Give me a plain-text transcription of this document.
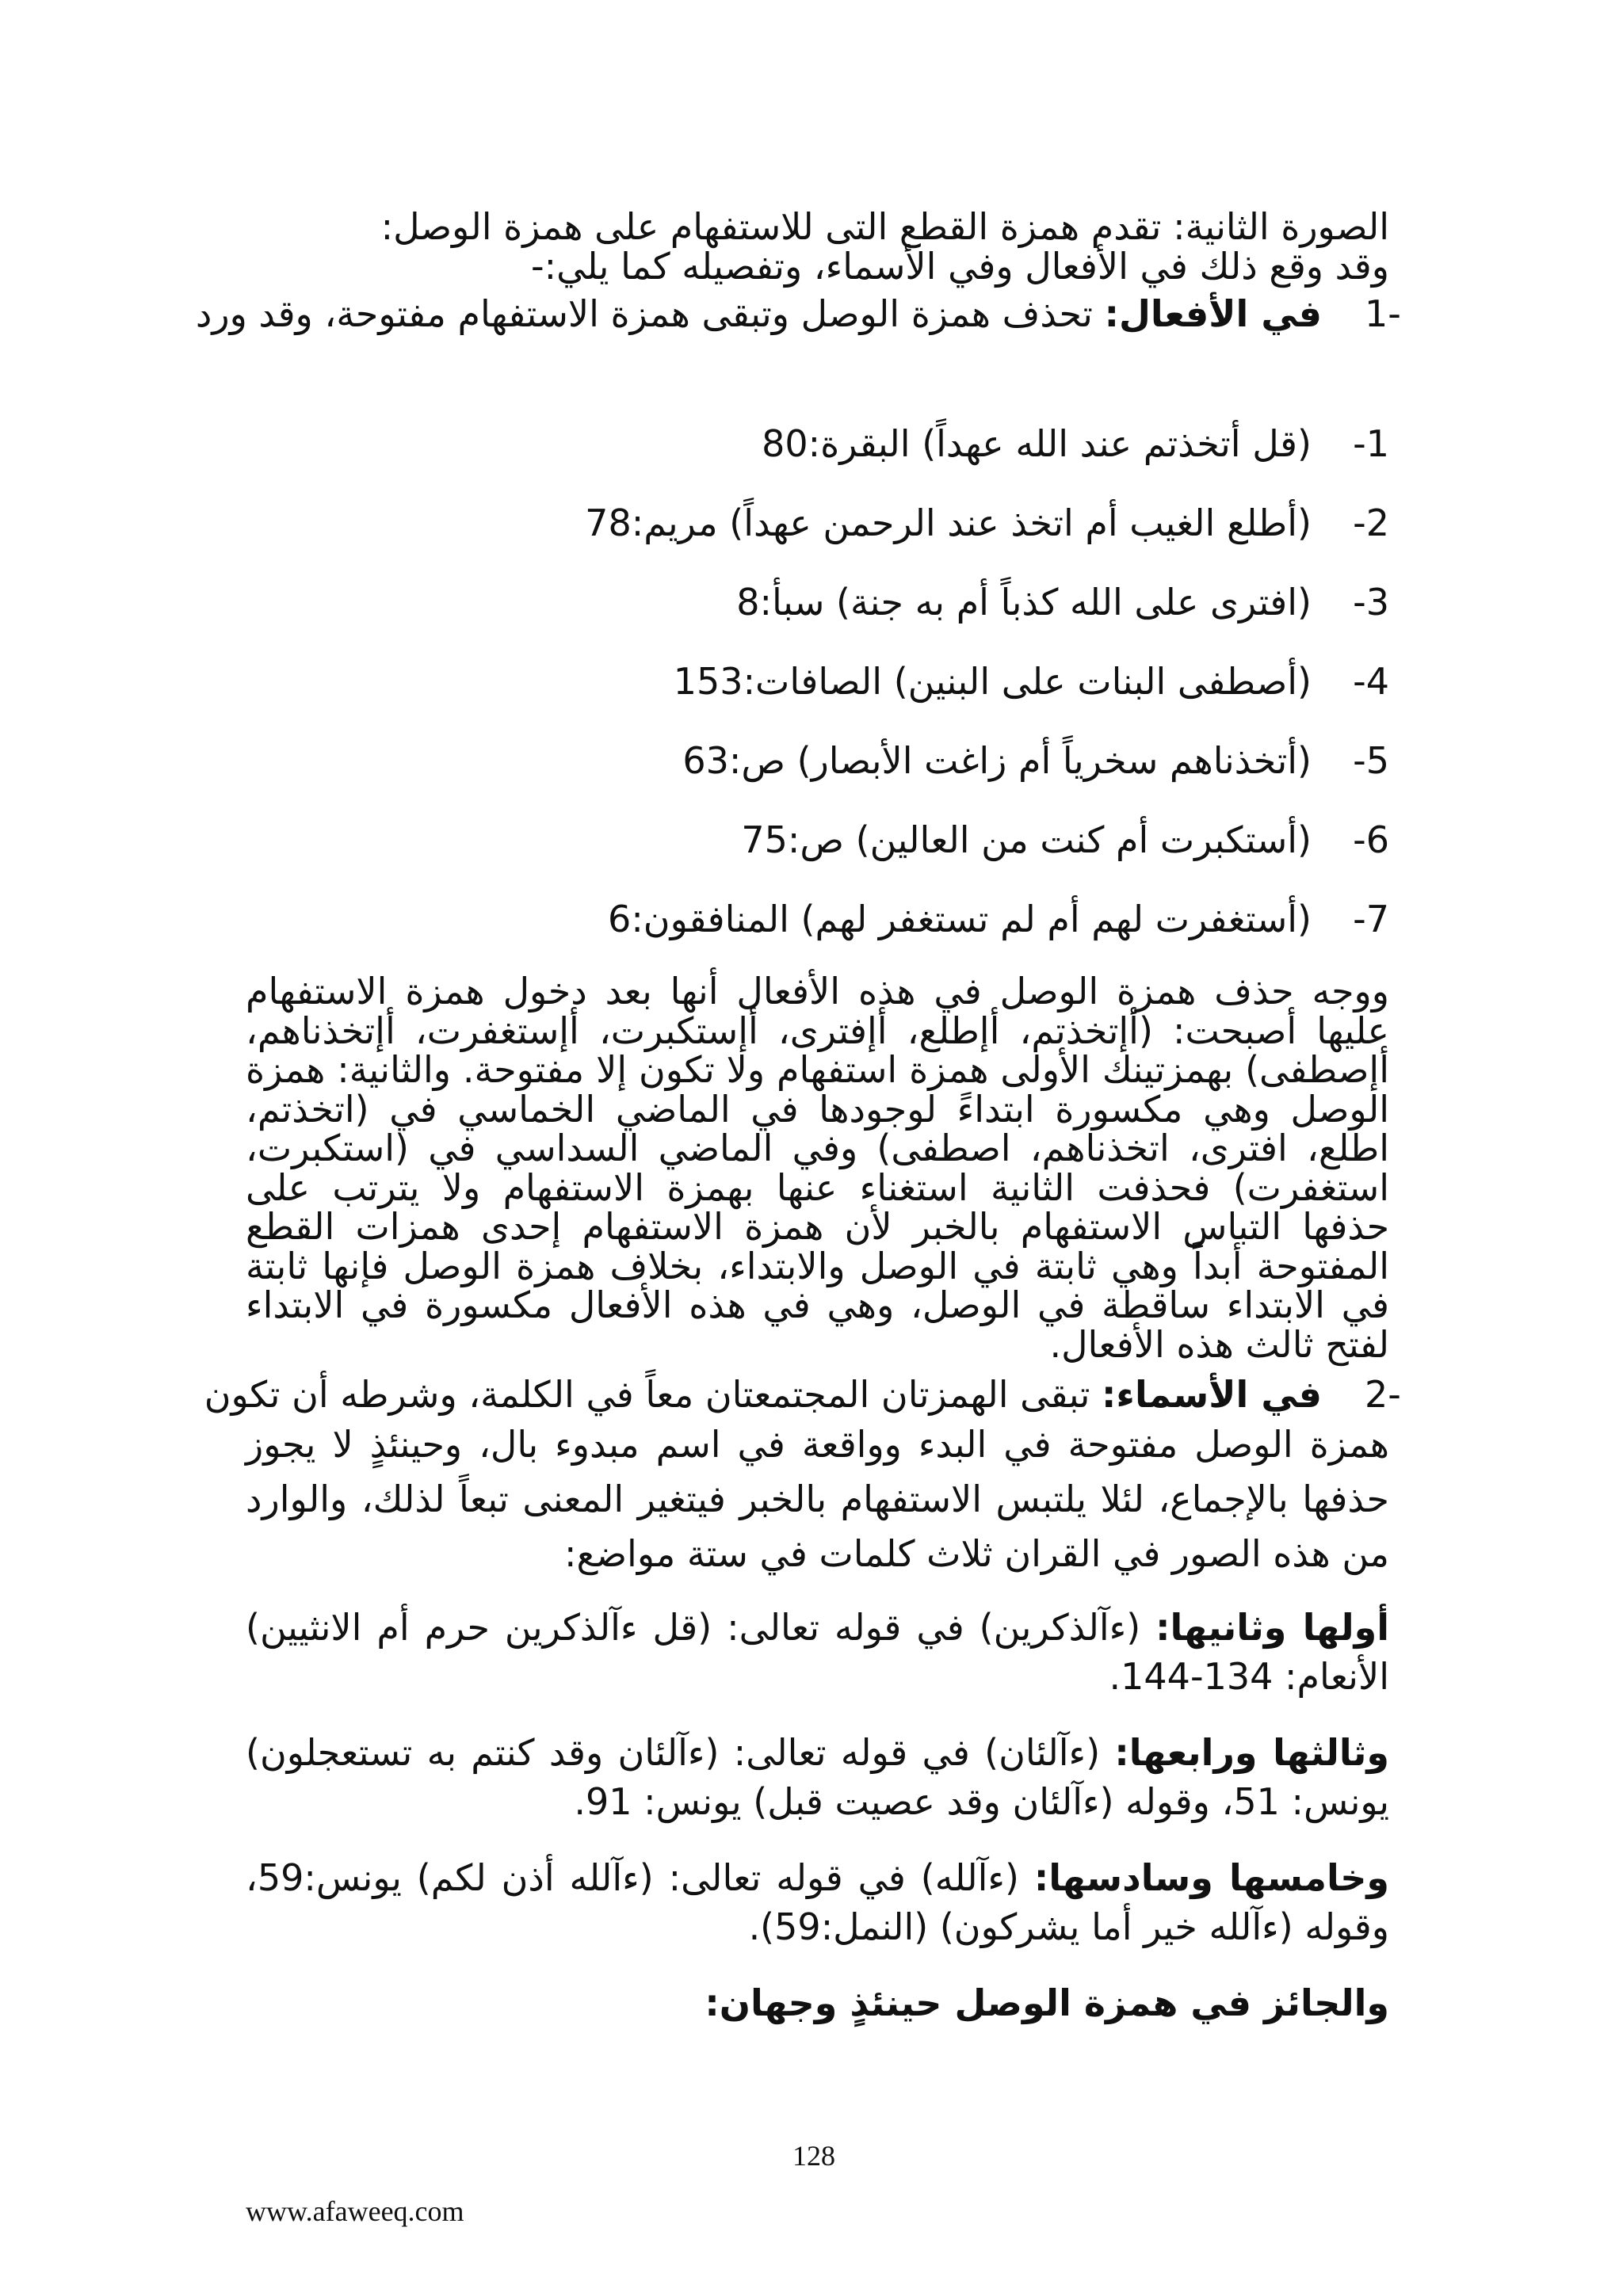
الصورة الثانية: تقدم همزة القطع التى للاستفهام على همزة الوصل:
وقد وقع ذلك في الأفعال وفي الأسماء، وتفصيله كما يلي:-
1-
في الأفعال: تحذف همزة الوصل وتبقى همزة الاستفهام مفتوحة، وقد ورد
1-
(قل أتخذتم عند الله عهداً) البقرة:80
2-
(أطلع الغيب أم اتخذ عند الرحمن عهداً) مريم:78
3-
(افترى على الله كذباً أم به جنة) سبأ:8
4-
(أصطفى البنات على البنين) الصافات:153
5-
(أتخذناهم سخرياً أم زاغت الأبصار) ص:63
6-
(أستكبرت أم كنت من العالين) ص:75
7-
(أستغفرت لهم أم لم تستغفر لهم) المنافقون:6
ووجه حذف همزة الوصل في هذه الأفعال أنها بعد دخول همزة الاستفهام عليها أصبحت: (أإتخذتم، أإطلع، أإفترى، أإستكبرت، أإستغفرت، أإتخذناهم، أإصطفى) بهمزتينك الأولى همزة استفهام ولا تكون إلا مفتوحة. والثانية: همزة الوصل وهي مكسورة ابتداءً لوجودها في الماضي الخماسي في (اتخذتم، اطلع، افترى، اتخذناهم، اصطفى) وفي الماضي السداسي في (استكبرت، استغفرت) فحذفت الثانية استغناء عنها بهمزة الاستفهام ولا يترتب على حذفها التباس الاستفهام بالخبر لأن همزة الاستفهام إحدى همزات القطع المفتوحة أبداً وهي ثابتة في الوصل والابتداء، بخلاف همزة الوصل فإنها ثابتة في الابتداء ساقطة في الوصل، وهي في هذه الأفعال مكسورة في الابتداء لفتح ثالث هذه الأفعال.
2-
في الأسماء: تبقى الهمزتان المجتمعتان معاً في الكلمة، وشرطه أن تكون
همزة الوصل مفتوحة في البدء وواقعة في اسم مبدوء بال، وحينئذٍ لا يجوز حذفها بالإجماع، لئلا يلتبس الاستفهام بالخبر فيتغير المعنى تبعاً لذلك، والوارد من هذه الصور في القران ثلاث كلمات في ستة مواضع:
أولها وثانيها: (ءآلذكرين) في قوله تعالى: (قل ءآلذكرين حرم أم الانثيين) الأنعام: 134-144.
وثالثها ورابعها: (ءآلئان) في قوله تعالى: (ءآلئان وقد كنتم به تستعجلون) يونس: 51، وقوله (ءآلئان وقد عصيت قبل) يونس: 91.
وخامسها وسادسها: (ءآلله) في قوله تعالى: (ءآلله أذن لكم) يونس:59، وقوله (ءآلله خير أما يشركون) (النمل:59).
والجائز في همزة الوصل حينئذٍ وجهان:
128
www.afaweeq.com
